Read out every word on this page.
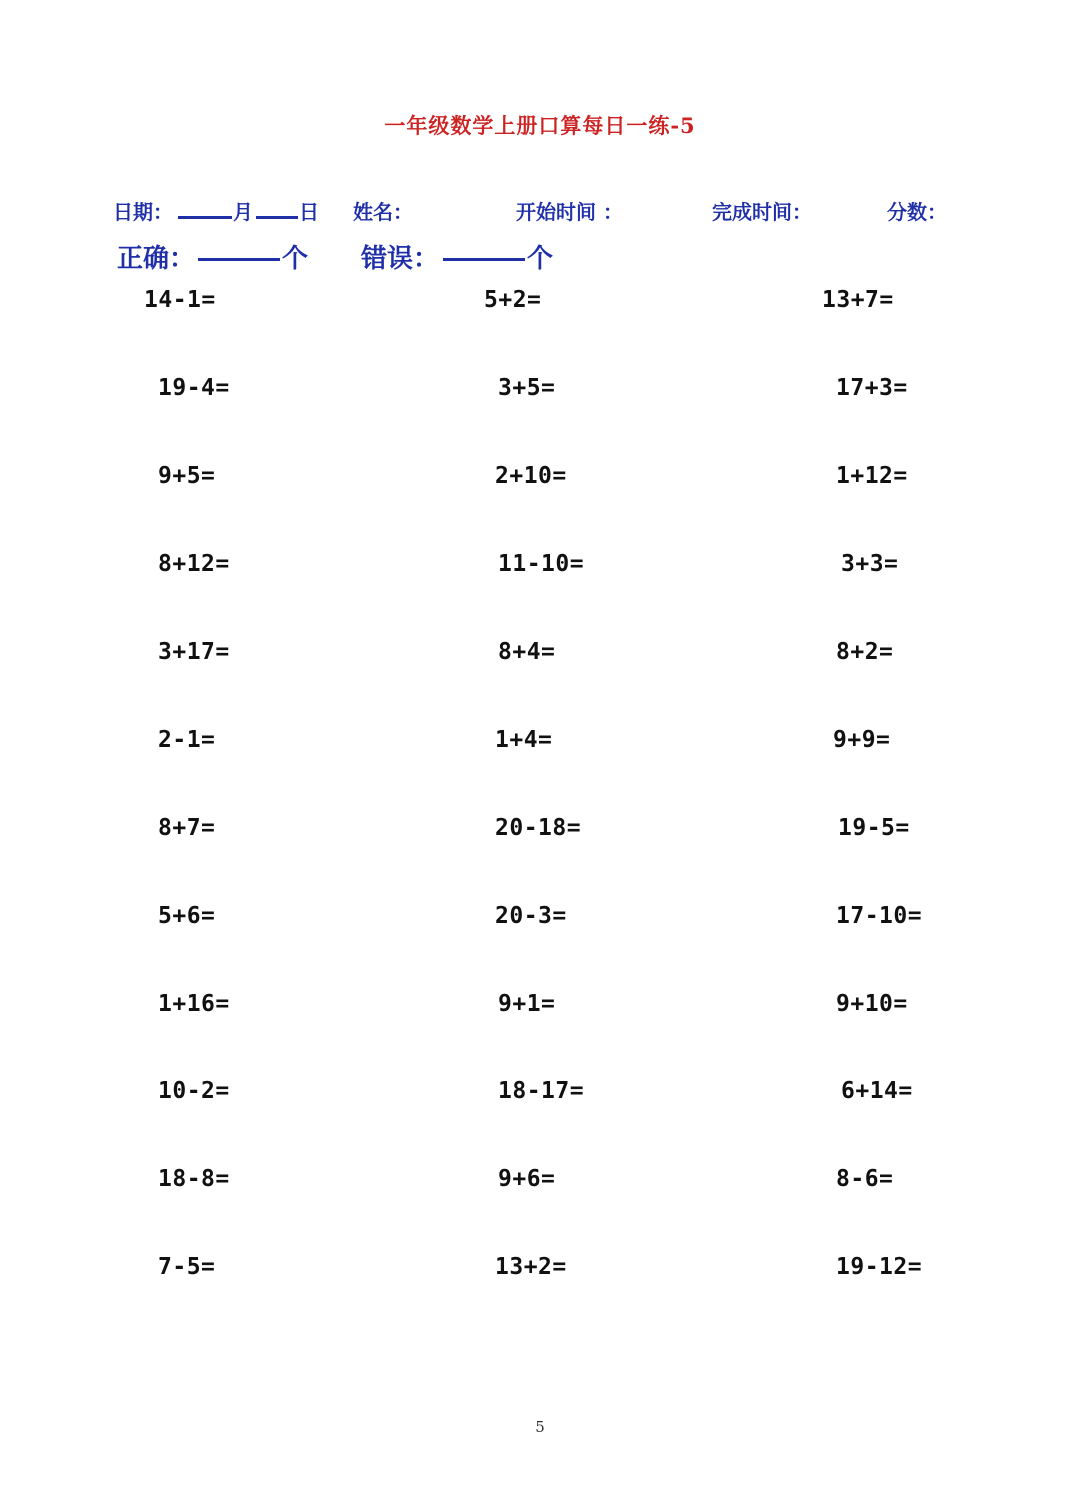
一年级数学上册口算每日一练-5
日期：	月 日 姓名：	开始时间 ：	完成时间：	分数：
正确：	个 错误：	个
14-1=	5+2=	13+7=
19-4=	3+5=	17+3=
9+5=	2+10=	1+12=
8+12=	11-10=	3+3=
3+17=	8+4=	8+2=
2-1=	1+4=	9+9=
8+7=	20-18=	19-5=
5+6=	20-3=	17-10=
1+16=	9+1=	9+10=
10-2=	18-17=	6+14=
18-8=	9+6=	8-6=
7-5=	13+2=	19-12=
5
